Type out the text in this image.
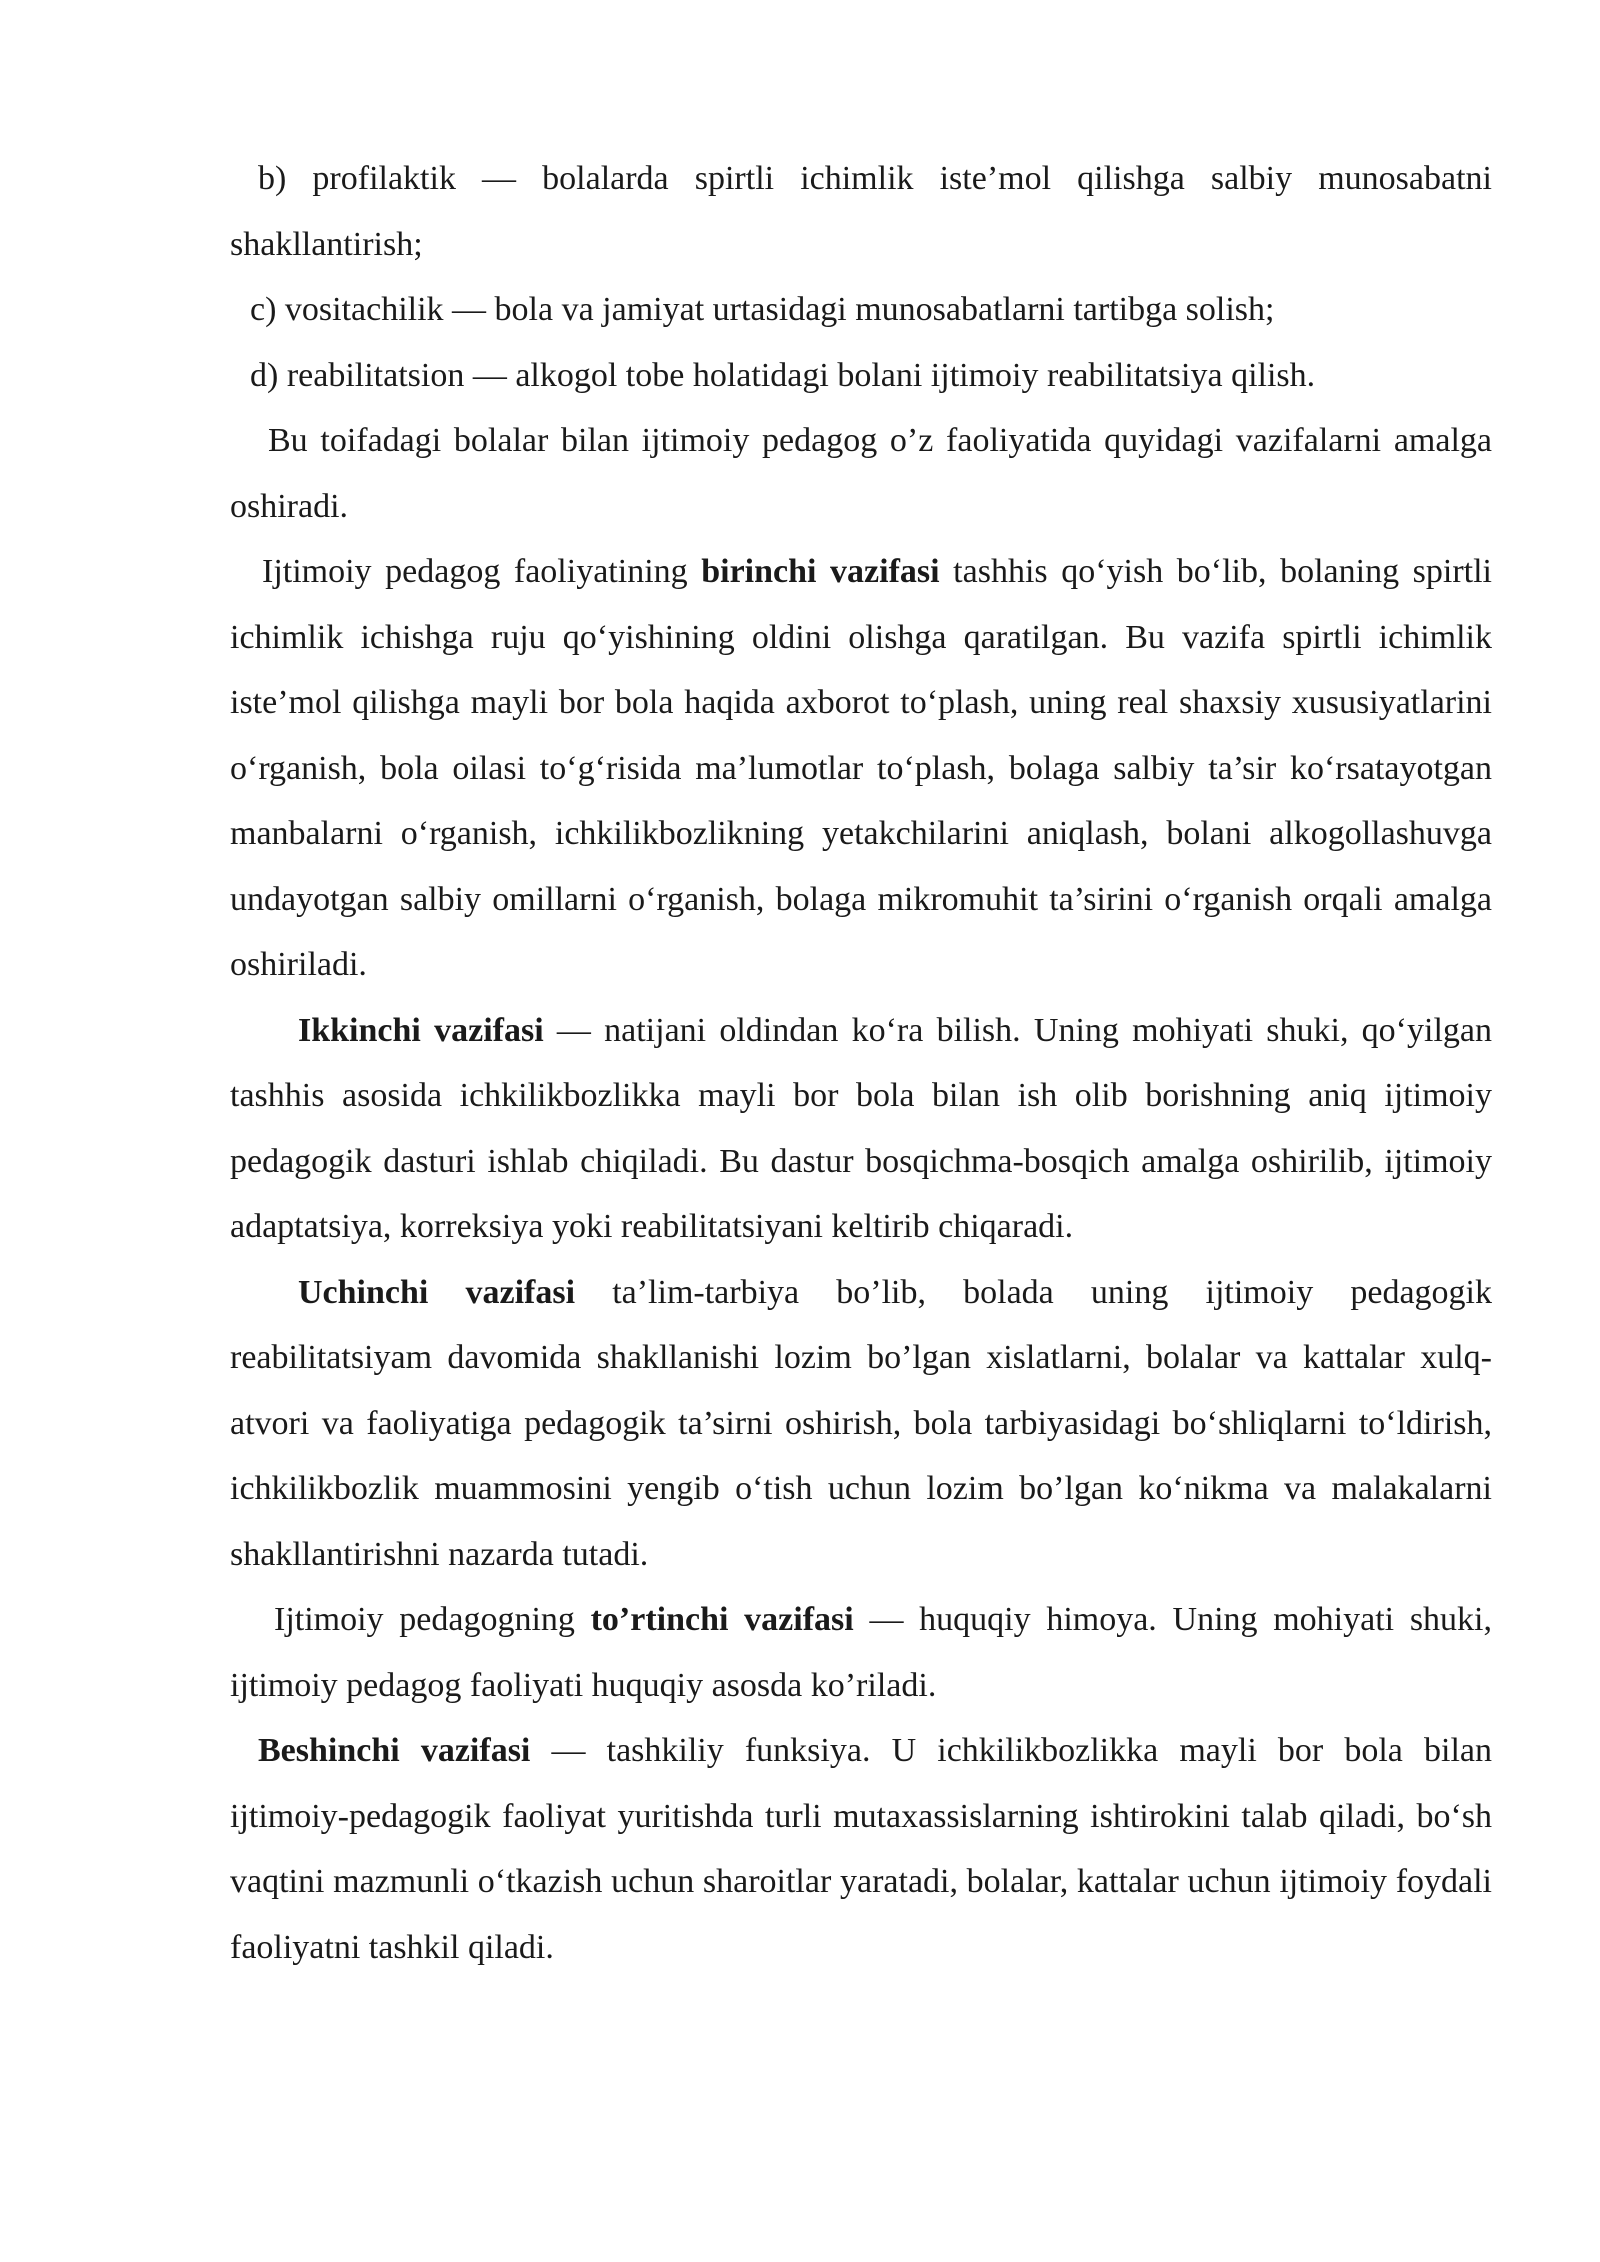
b) profilaktik — bolalarda spirtli ichimlik iste’mol qilishga salbiy munosabatni shakllantirish;

c) vositachilik — bola va jamiyat urtasidagi munosabatlarni tartibga solish;

d) reabilitatsion — alkogol tobe holatidagi bolani ijtimoiy reabilitatsiya qilish.

Bu toifadagi bolalar bilan ijtimoiy pedagog o’z faoliyatida quyidagi vazifalarni amalga oshiradi.

Ijtimoiy pedagog faoliyatining birinchi vazifasi tashhis qo‘yish bo‘lib, bolaning spirtli ichimlik ichishga ruju qo‘yishining oldini olishga qaratilgan. Bu vazifa spirtli ichimlik iste’mol qilishga mayli bor bola haqida axborot to‘plash, uning real shaxsiy xususiyatlarini o‘rganish, bola oilasi to‘g‘risida ma’lumotlar to‘plash, bolaga salbiy ta’sir ko‘rsatayotgan manbalarni o‘rganish, ichkilikbozlikning yetakchilarini aniqlash, bolani alkogollashuvga undayotgan salbiy omillarni o‘rganish, bolaga mikromuhit ta’sirini o‘rganish orqali amalga oshiriladi.

Ikkinchi vazifasi — natijani oldindan ko‘ra bilish. Uning mohiyati shuki, qo‘yilgan tashhis asosida ichkilikbozlikka mayli bor bola bilan ish olib borishning aniq ijtimoiy pedagogik dasturi ishlab chiqiladi. Bu dastur bosqichma-bosqich amalga oshirilib, ijtimoiy adaptatsiya, korreksiya yoki reabilitatsiyani keltirib chiqaradi.

Uchinchi vazifasi ta’lim-tarbiya bo’lib, bolada uning ijtimoiy pedagogik reabilitatsiyam davomida shakllanishi lozim bo’lgan xislatlarni, bolalar va kattalar xulq-atvori va faoliyatiga pedagogik ta’sirni oshirish, bola tarbiyasidagi bo‘shliqlarni to‘ldirish, ichkilikbozlik muammosini yengib o‘tish uchun lozim bo’lgan ko‘nikma va malakalarni shakllantirishni nazarda tutadi.

Ijtimoiy pedagogning to’rtinchi vazifasi — huquqiy himoya. Uning mohiyati shuki, ijtimoiy pedagog faoliyati huquqiy asosda ko’riladi.

Beshinchi vazifasi — tashkiliy funksiya. U ichkilikbozlikka mayli bor bola bilan ijtimoiy-pedagogik faoliyat yuritishda turli mutaxassislarning ishtirokini talab qiladi, bo‘sh vaqtini mazmunli o‘tkazish uchun sharoitlar yaratadi, bolalar, kattalar uchun ijtimoiy foydali faoliyatni tashkil qiladi.
